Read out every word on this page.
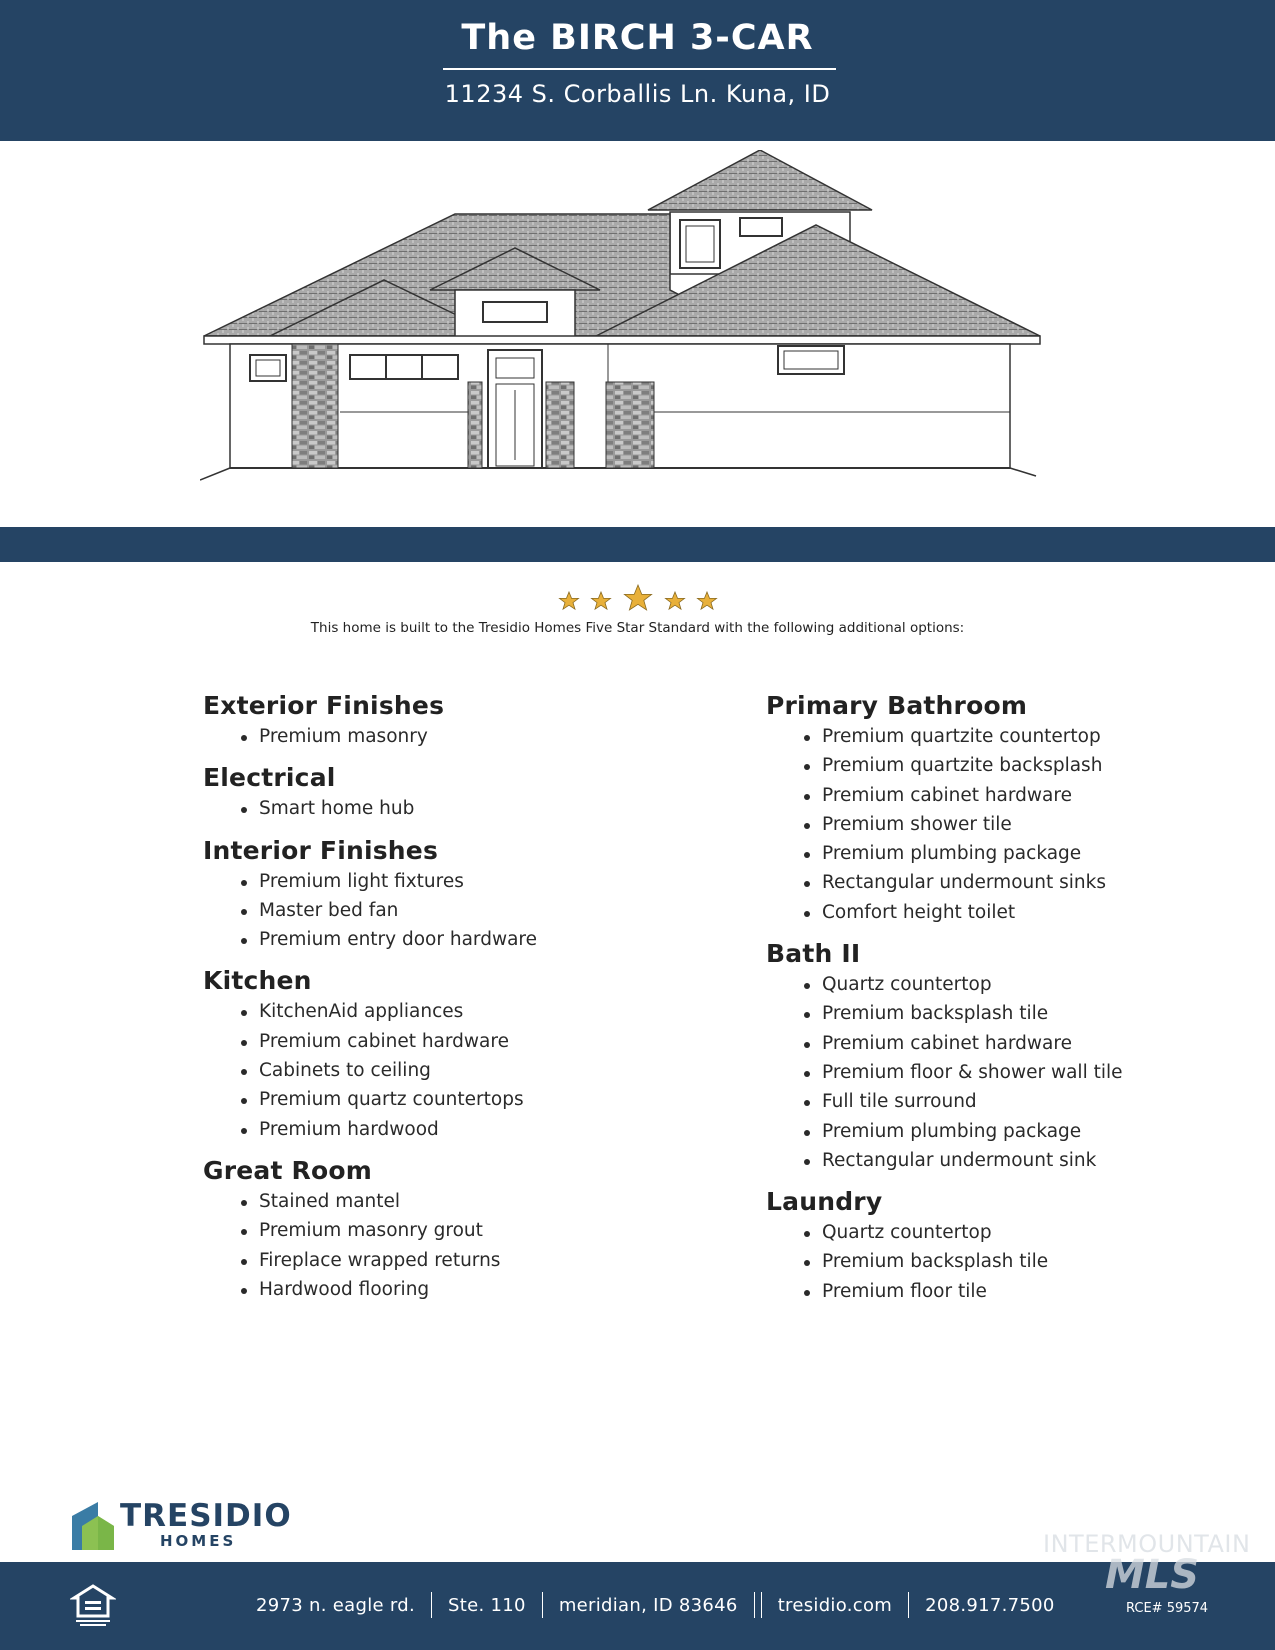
The BIRCH 3-CAR
11234 S. Corballis Ln. Kuna, ID
This home is built to the Tresidio Homes Five Star Standard with the following additional options:
Exterior Finishes
Premium masonry
Electrical
Smart home hub
Interior Finishes
Premium light fixtures
Master bed fan
Premium entry door hardware
Kitchen
KitchenAid appliances
Premium cabinet hardware
Cabinets to ceiling
Premium quartz countertops
Premium hardwood
Great Room
Stained mantel
Premium masonry grout
Fireplace wrapped returns
Hardwood flooring
Primary Bathroom
Premium quartzite countertop
Premium quartzite backsplash
Premium cabinet hardware
Premium shower tile
Premium plumbing package
Rectangular undermount sinks
Comfort height toilet
Bath II
Quartz countertop
Premium backsplash tile
Premium cabinet hardware
Premium floor & shower wall tile
Full tile surround
Premium plumbing package
Rectangular undermount sink
Laundry
Quartz countertop
Premium backsplash tile
Premium floor tile
TRESIDIO
HOMES
2973 n. eagle rd.	Ste. 110	meridian, ID 83646	tresidio.com	208.917.7500	RCE# 59574
INTERMOUNTAIN
MLS
